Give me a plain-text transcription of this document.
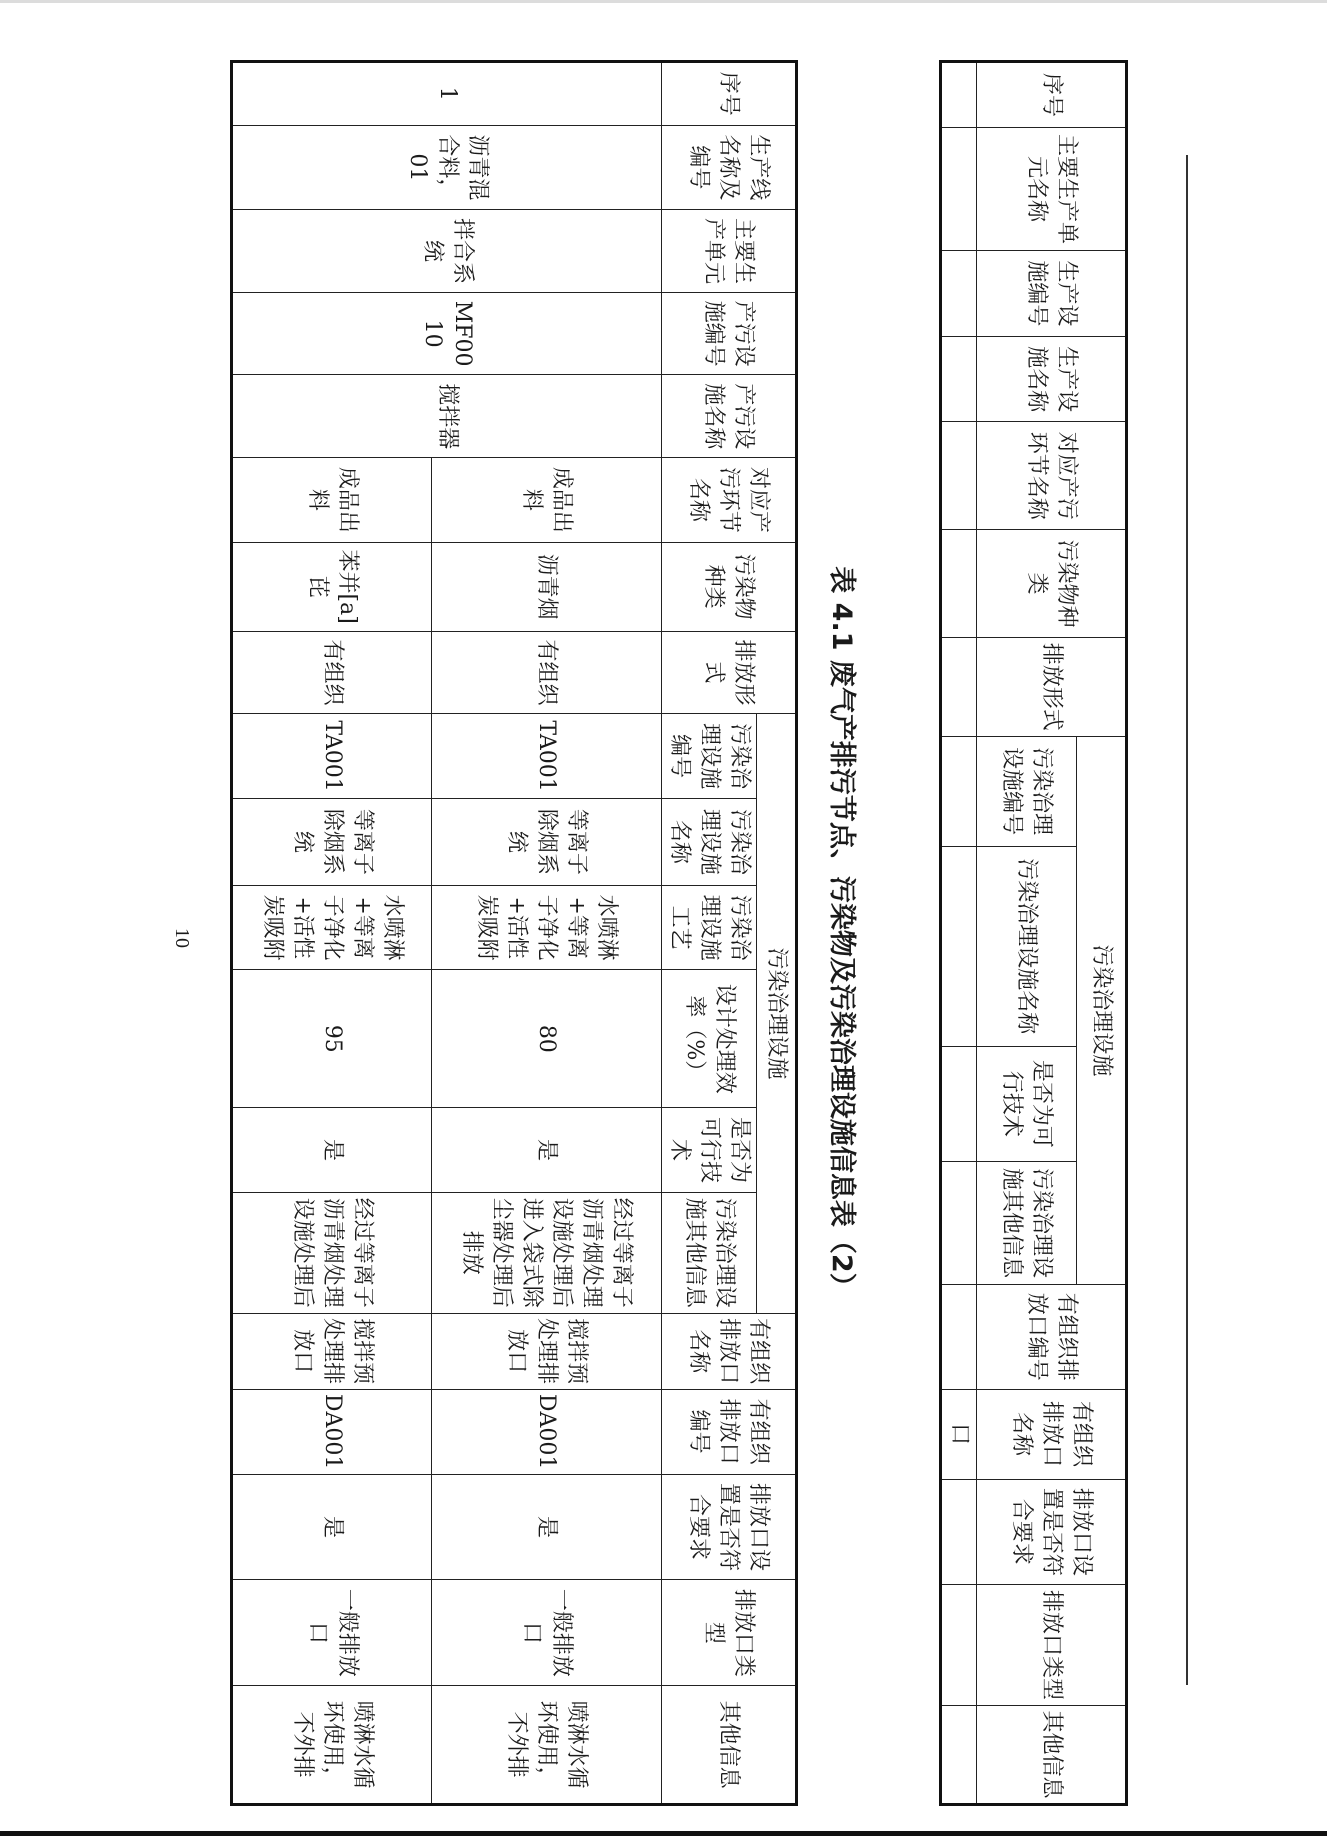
序号	主要生产单元名称	生产设施编号	生产设施名称	对应产污环节名称	污染物种类	排放形式	污染治理设施				有组织排放口编号	有组织排放口名称	排放口设置是否符合要求	排放口类型	其他信息
							污染治理设施编号	污染治理设施名称	是否为可行技术	污染治理设施其他信息					
												口			
表 4.1 废气产排污节点、污染物及污染治理设施信息表（2）
序号	生产线名称及编号	主要生产单元	产污设施编号	产污设施名称	对应产污环节名称	污染物种类	排放形式	污染治理设施						有组织排放口名称	有组织排放口编号	排放口设置是否符合要求	排放口类型	其他信息
								污染治理设施编号	污染治理设施名称	污染治理设施工艺	设计处理效率（%）	是否为可行技术	污染治理设施其他信息					
1	沥青混合料，01	拌合系统	MF0010	搅拌器	成品出料	沥青烟	有组织	TA001	等离子除烟系统	水喷淋+等离子净化+活性炭吸附	80	是	经过等离子沥青烟处理设施处理后进入袋式除尘器处理后排放	搅拌预处理排放口	DA001	是	一般排放口	喷淋水循环使用，不外排
					成品出料	苯并[a]芘	有组织	TA001	等离子除烟系统	水喷淋+等离子净化+活性炭吸附	95	是	经过等离子沥青烟处理设施处理后	搅拌预处理排放口	DA001	是	一般排放口	喷淋水循环使用，不外排
10
